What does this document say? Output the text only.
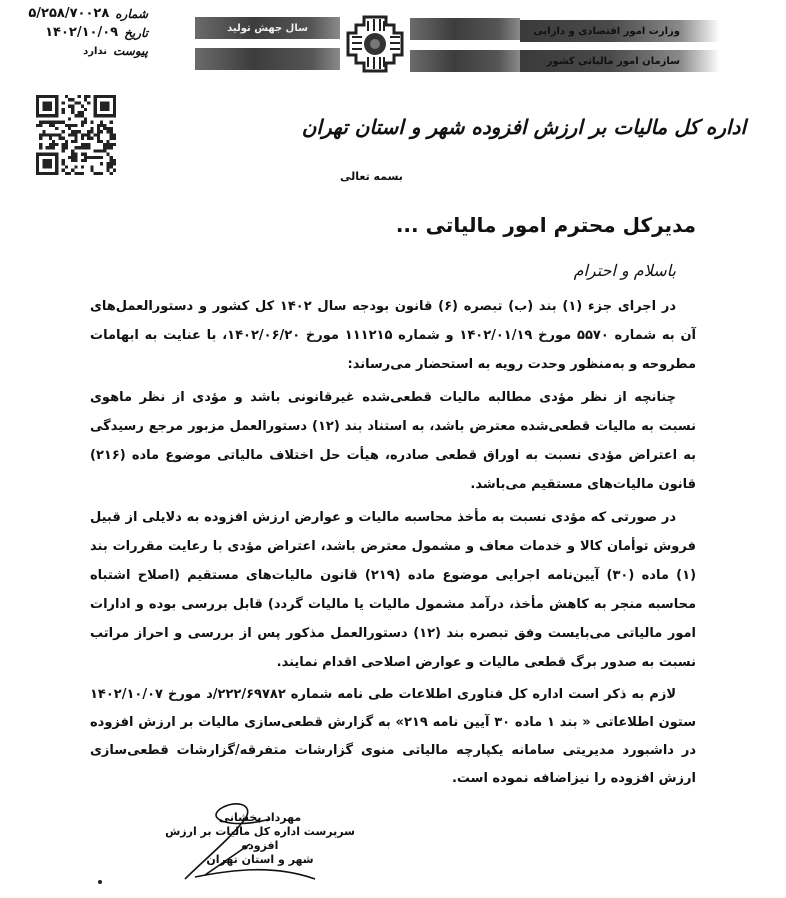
شماره
۵/۲۵۸/۷۰۰۲۸
تاریخ
۱۴۰۲/۱۰/۰۹
پیوست
ندارد
سال جهش تولید	وزارت امور اقتصادی و دارایی
سازمان امور مالیاتی کشور
اداره کل مالیات بر ارزش افزوده شهر و استان تهران
بسمه تعالی
مدیرکل محترم امور مالیاتی ...
باسلام و احترام

در اجرای جزء (۱) بند (ب) تبصره (۶) قانون بودجه سال ۱۴۰۲ کل کشور و دستورالعمل‌های آن به شماره ۵۵۷۰ مورخ ۱۴۰۲/۰۱/۱۹ و شماره ۱۱۱۲۱۵ مورخ ۱۴۰۲/۰۶/۲۰، با عنایت به ابهامات مطروحه و به‌منظور وحدت رویه به استحضار می‌رساند:

چنانچه از نظر مؤدی مطالبه مالیات قطعی‌شده غیرقانونی باشد و مؤدی از نظر ماهوی نسبت به مالیات قطعی‌شده معترض باشد، به استناد بند (۱۲) دستورالعمل مزبور مرجع رسیدگی به اعتراض مؤدی نسبت به اوراق قطعی صادره، هیأت حل اختلاف مالیاتی موضوع ماده (۲۱۶) قانون مالیات‌های مستقیم می‌باشد.

در صورتی که مؤدی نسبت به مأخذ محاسبه مالیات و عوارض ارزش افزوده به دلایلی از قبیل فروش توأمان کالا و خدمات معاف و مشمول معترض باشد، اعتراض مؤدی با رعایت مقررات بند (۱) ماده (۳۰) آیین‌نامه اجرایی موضوع ماده (۲۱۹) قانون مالیات‌های مستقیم (اصلاح اشتباه محاسبه منجر به کاهش مأخذ، درآمد مشمول مالیات یا مالیات گردد) قابل بررسی بوده و ادارات امور مالیاتی می‌بایست وفق تبصره بند (۱۲) دستورالعمل مذکور پس از بررسی و احراز مراتب نسبت به صدور برگ قطعی مالیات و عوارض اصلاحی اقدام نمایند.

لازم به ذکر است اداره کل فناوری اطلاعات طی نامه شماره ۲۲۲/۶۹۷۸۲/د مورخ ۱۴۰۲/۱۰/۰۷ ستون اطلاعاتی « بند ۱ ماده ۳۰ آیین نامه ۲۱۹» به گزارش قطعی‌سازی مالیات بر ارزش افزوده در داشبورد مدیریتی سامانه یکپارچه مالیاتی منوی گزارشات متفرقه/گزارشات قطعی‌سازی ارزش افزوده را نیزاضافه نموده است.

مهرداد بخشانی
سرپرست اداره کل مالیات بر ارزش افزوده
شهر و استان تهران
